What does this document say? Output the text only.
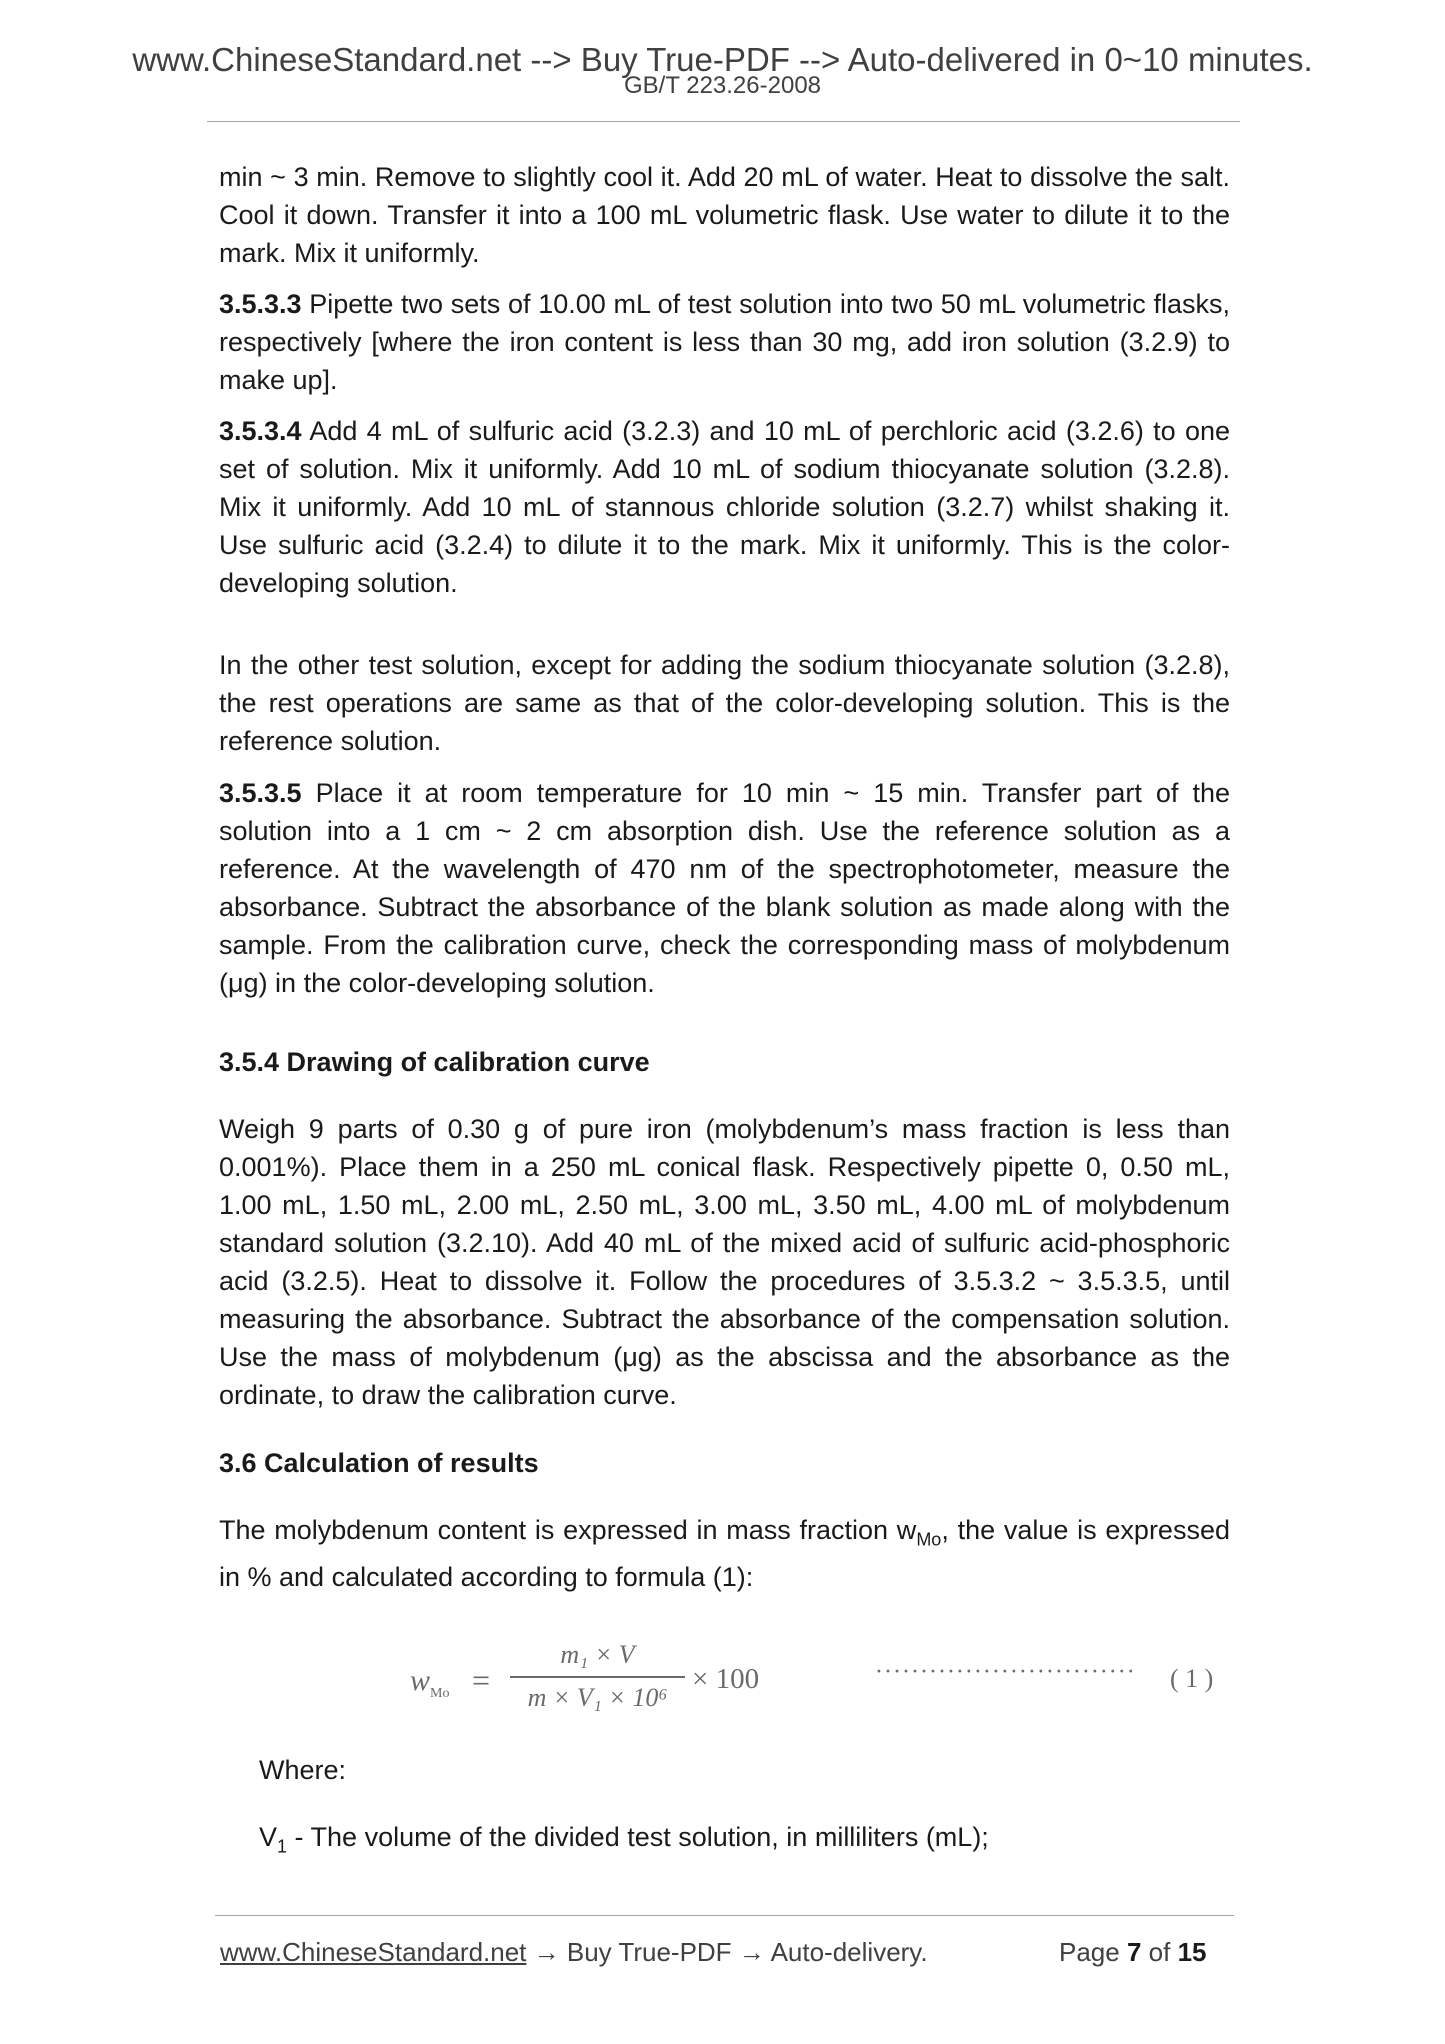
www.ChineseStandard.net --> Buy True-PDF --> Auto-delivered in 0~10 minutes.
GB/T 223.26-2008

min ~ 3 min. Remove to slightly cool it. Add 20 mL of water. Heat to dissolve the salt. Cool it down. Transfer it into a 100 mL volumetric flask. Use water to dilute it to the mark. Mix it uniformly.

3.5.3.3 Pipette two sets of 10.00 mL of test solution into two 50 mL volumetric flasks, respectively [where the iron content is less than 30 mg, add iron solution (3.2.9) to make up].

3.5.3.4 Add 4 mL of sulfuric acid (3.2.3) and 10 mL of perchloric acid (3.2.6) to one set of solution. Mix it uniformly. Add 10 mL of sodium thiocyanate solution (3.2.8). Mix it uniformly. Add 10 mL of stannous chloride solution (3.2.7) whilst shaking it. Use sulfuric acid (3.2.4) to dilute it to the mark. Mix it uniformly. This is the color-developing solution.

In the other test solution, except for adding the sodium thiocyanate solution (3.2.8), the rest operations are same as that of the color-developing solution. This is the reference solution.

3.5.3.5 Place it at room temperature for 10 min ~ 15 min. Transfer part of the solution into a 1 cm ~ 2 cm absorption dish. Use the reference solution as a reference. At the wavelength of 470 nm of the spectrophotometer, measure the absorbance. Subtract the absorbance of the blank solution as made along with the sample. From the calibration curve, check the corresponding mass of molybdenum (μg) in the color-developing solution.

3.5.4 Drawing of calibration curve

Weigh 9 parts of 0.30 g of pure iron (molybdenum’s mass fraction is less than 0.001%). Place them in a 250 mL conical flask. Respectively pipette 0, 0.50 mL, 1.00 mL, 1.50 mL, 2.00 mL, 2.50 mL, 3.00 mL, 3.50 mL, 4.00 mL of molybdenum standard solution (3.2.10). Add 40 mL of the mixed acid of sulfuric acid-phosphoric acid (3.2.5). Heat to dissolve it. Follow the procedures of 3.5.3.2 ~ 3.5.3.5, until measuring the absorbance. Subtract the absorbance of the compensation solution. Use the mass of molybdenum (μg) as the abscissa and the absorbance as the ordinate, to draw the calibration curve.

3.6 Calculation of results

The molybdenum content is expressed in mass fraction $w_{Mo}$, the value is expressed in % and calculated according to formula (1):

Where:

$V_1$ - The volume of the divided test solution, in milliliters (mL);

$w_{Mo}$ =
m₁ × V
m × V₁ × 10⁶
× 100	····························· ( 1 )
www.ChineseStandard.net → Buy True-PDF → Auto-delivery.	Page 7 of 15
